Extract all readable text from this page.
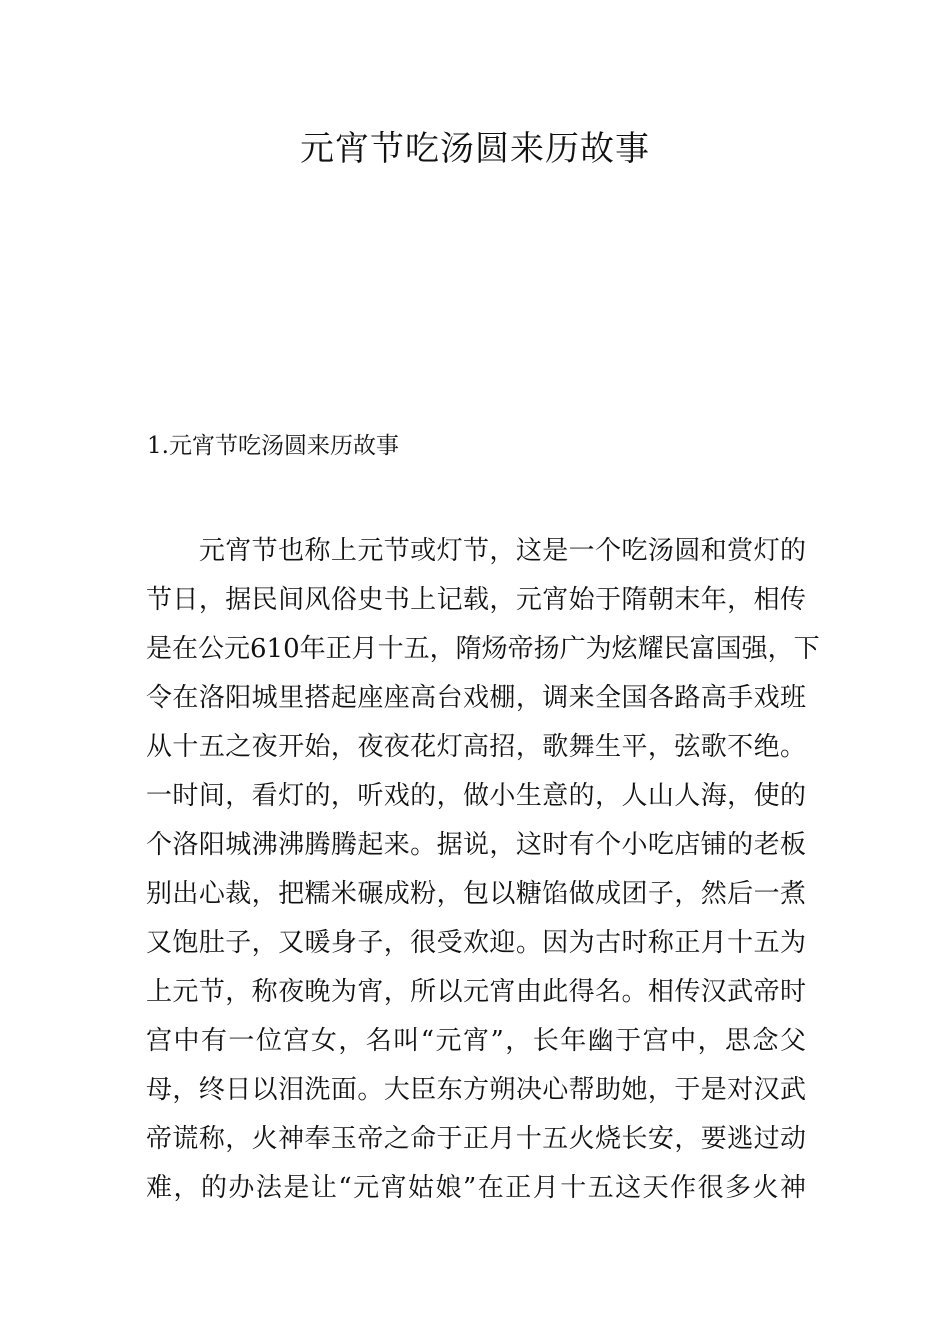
元宵节吃汤圆来历故事
1.元宵节吃汤圆来历故事
　　元宵节也称上元节或灯节，这是一个吃汤圆和赏灯的
节日，据民间风俗史书上记载，元宵始于隋朝末年，相传
是在公元610年正月十五，隋炀帝扬广为炫耀民富国强，下
令在洛阳城里搭起座座高台戏棚，调来全国各路高手戏班
从十五之夜开始，夜夜花灯高招，歌舞生平，弦歌不绝。
一时间，看灯的，听戏的，做小生意的，人山人海，使的
个洛阳城沸沸腾腾起来。据说，这时有个小吃店铺的老板
别出心裁，把糯米碾成粉，包以糖馅做成团子，然后一煮
又饱肚子，又暖身子，很受欢迎。因为古时称正月十五为
上元节，称夜晚为宵，所以元宵由此得名。相传汉武帝时
宫中有一位宫女，名叫“元宵”，长年幽于宫中，思念父
母，终日以泪洗面。大臣东方朔决心帮助她，于是对汉武
帝谎称，火神奉玉帝之命于正月十五火烧长安，要逃过动
难，的办法是让“元宵姑娘”在正月十五这天作很多火神
